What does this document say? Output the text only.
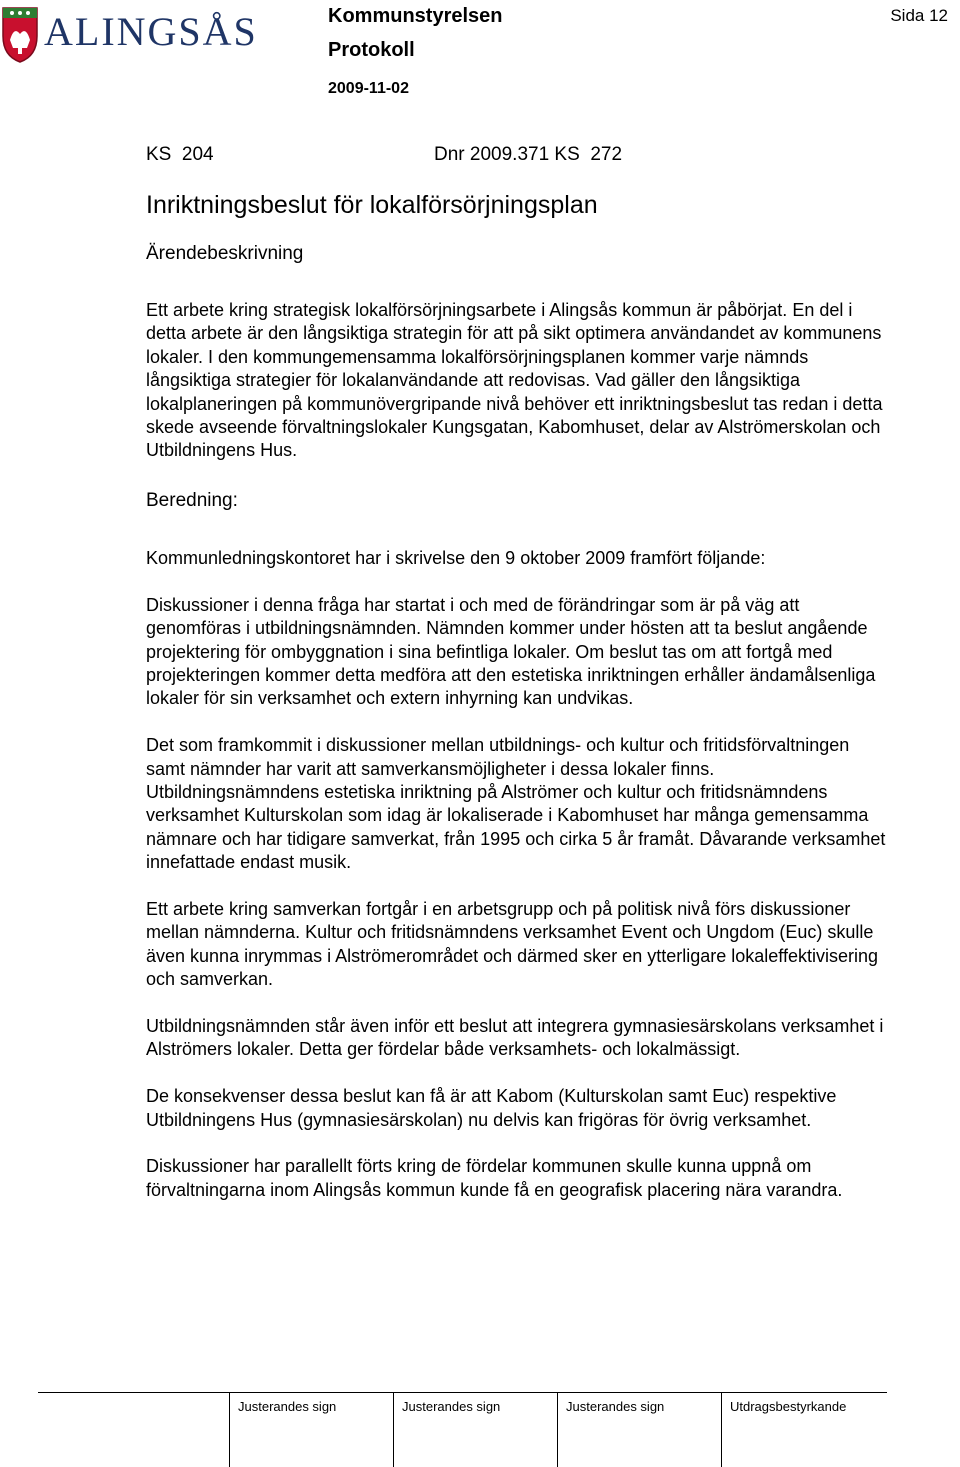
ALINGSÅS	Kommunstyrelsen
Protokoll
2009-11-02
Sida 12
KS  204	Dnr 2009.371 KS  272
Inriktningsbeslut för lokalförsörjningsplan
Ärendebeskrivning

Ett arbete kring strategisk lokalförsörjningsarbete i Alingsås kommun är påbörjat. En del i detta arbete är den långsiktiga strategin för att på sikt optimera användandet av kommunens lokaler. I den kommungemensamma lokalförsörjningsplanen kommer varje nämnds långsiktiga strategier för lokalanvändande att redovisas. Vad gäller den långsiktiga lokalplaneringen på kommunövergripande nivå behöver ett inriktningsbeslut tas redan i detta skede avseende förvaltningslokaler Kungsgatan, Kabomhuset, delar av Alströmerskolan och Utbildningens Hus.

Beredning:

Kommunledningskontoret har i skrivelse den 9 oktober 2009 framfört följande:

Diskussioner i denna fråga har startat i och med de förändringar som är på väg att genomföras i utbildningsnämnden. Nämnden kommer under hösten att ta beslut angående projektering för ombyggnation i sina befintliga lokaler. Om beslut tas om att fortgå med projekteringen kommer detta medföra att den estetiska inriktningen erhåller ändamålsenliga lokaler för sin verksamhet och extern inhyrning kan undvikas.

Det som framkommit i diskussioner mellan utbildnings- och kultur och fritidsförvaltningen samt nämnder har varit att samverkansmöjligheter i dessa lokaler finns. Utbildningsnämndens estetiska inriktning på Alströmer och kultur och fritidsnämndens verksamhet Kulturskolan som idag är lokaliserade i Kabomhuset har många gemensamma nämnare och har tidigare samverkat, från 1995 och cirka 5 år framåt. Dåvarande verksamhet innefattade endast musik.

Ett arbete kring samverkan fortgår i en arbetsgrupp och på politisk nivå förs diskussioner mellan nämnderna. Kultur och fritidsnämndens verksamhet Event och Ungdom (Euc) skulle även kunna inrymmas i Alströmerområdet och därmed sker en ytterligare lokaleffektivisering och samverkan.

Utbildningsnämnden står även inför ett beslut att integrera gymnasiesärskolans verksamhet i Alströmers lokaler. Detta ger fördelar både verksamhets- och lokalmässigt.

De konsekvenser dessa beslut kan få är att Kabom (Kulturskolan samt Euc) respektive Utbildningens Hus (gymnasiesärskolan) nu delvis kan frigöras för övrig verksamhet.

Diskussioner har parallellt förts kring de fördelar kommunen skulle kunna uppnå om förvaltningarna inom Alingsås kommun kunde få en geografisk placering nära varandra.

Justerandes sign	Justerandes sign	Justerandes sign	Utdragsbestyrkande
